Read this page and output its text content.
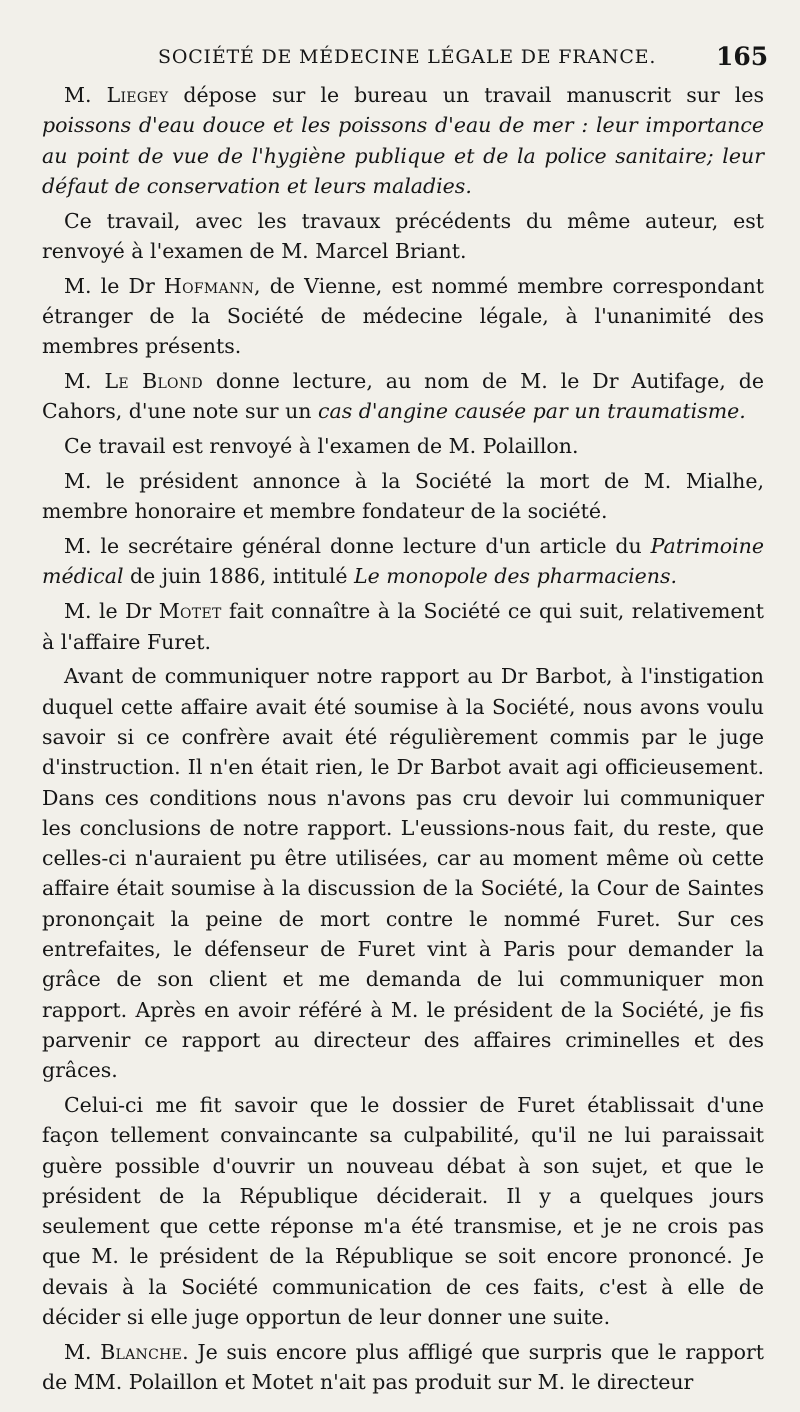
SOCIÉTÉ DE MÉDECINE LÉGALE DE FRANCE. 165

M. Liegey dépose sur le bureau un travail manuscrit sur les poissons d'eau douce et les poissons d'eau de mer : leur importance au point de vue de l'hygiène publique et de la police sanitaire; leur défaut de conservation et leurs maladies.

Ce travail, avec les travaux précédents du même auteur, est renvoyé à l'examen de M. Marcel Briant.

M. le Dr Hofmann, de Vienne, est nommé membre correspondant étranger de la Société de médecine légale, à l'unanimité des membres présents.

M. Le Blond donne lecture, au nom de M. le Dr Autifage, de Cahors, d'une note sur un cas d'angine causée par un traumatisme.

Ce travail est renvoyé à l'examen de M. Polaillon.

M. le président annonce à la Société la mort de M. Mialhe, membre honoraire et membre fondateur de la société.

M. le secrétaire général donne lecture d'un article du Patrimoine médical de juin 1886, intitulé Le monopole des pharmaciens.

M. le Dr Motet fait connaître à la Société ce qui suit, relativement à l'affaire Furet.

Avant de communiquer notre rapport au Dr Barbot, à l'instigation duquel cette affaire avait été soumise à la Société, nous avons voulu savoir si ce confrère avait été régulièrement commis par le juge d'instruction. Il n'en était rien, le Dr Barbot avait agi officieusement. Dans ces conditions nous n'avons pas cru devoir lui communiquer les conclusions de notre rapport. L'eussions-nous fait, du reste, que celles-ci n'auraient pu être utilisées, car au moment même où cette affaire était soumise à la discussion de la Société, la Cour de Saintes prononçait la peine de mort contre le nommé Furet. Sur ces entrefaites, le défenseur de Furet vint à Paris pour demander la grâce de son client et me demanda de lui communiquer mon rapport. Après en avoir référé à M. le président de la Société, je fis parvenir ce rapport au directeur des affaires criminelles et des grâces.

Celui-ci me fit savoir que le dossier de Furet établissait d'une façon tellement convaincante sa culpabilité, qu'il ne lui paraissait guère possible d'ouvrir un nouveau débat à son sujet, et que le président de la République déciderait. Il y a quelques jours seulement que cette réponse m'a été transmise, et je ne crois pas que M. le président de la République se soit encore prononcé. Je devais à la Société communication de ces faits, c'est à elle de décider si elle juge opportun de leur donner une suite.

M. Blanche. Je suis encore plus affligé que surpris que le rapport de MM. Polaillon et Motet n'ait pas produit sur M. le directeur
